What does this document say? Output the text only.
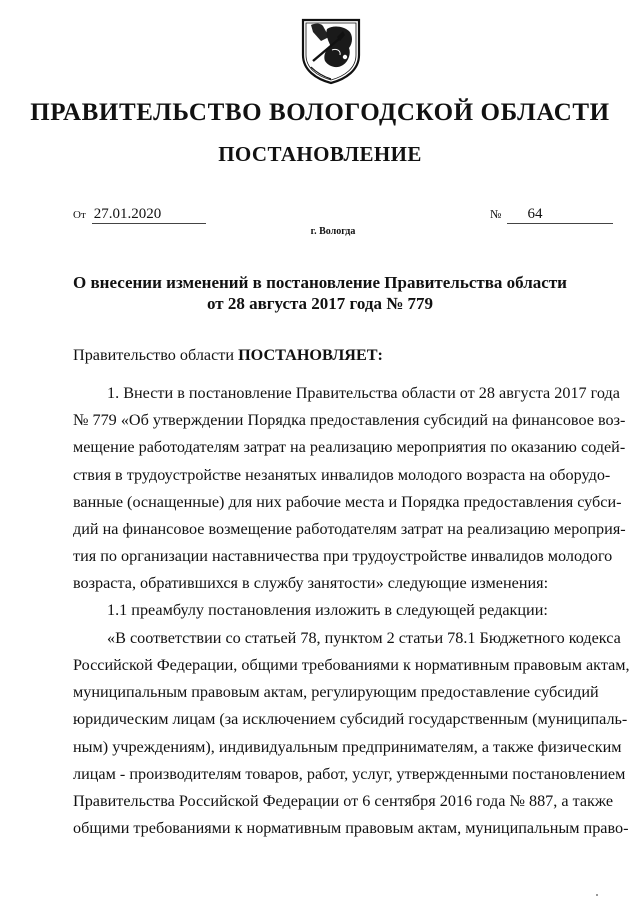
ПРАВИТЕЛЬСТВО ВОЛОГОДСКОЙ ОБЛАСТИ
ПОСТАНОВЛЕНИЕ
От 27.01.2020	№ 64
г. Вологда
О внесении изменений в постановление Правительства области
от 28 августа 2017 года № 779
Правительство области ПОСТАНОВЛЯЕТ:
1. Внести в постановление Правительства области от 28 августа 2017 года
№ 779 «Об утверждении Порядка предоставления субсидий на финансовое воз-
мещение работодателям затрат на реализацию мероприятия по оказанию содей-
ствия в трудоустройстве незанятых инвалидов молодого возраста на оборудо-
ванные (оснащенные) для них рабочие места и Порядка предоставления субси-
дий на финансовое возмещение работодателям затрат на реализацию мероприя-
тия по организации наставничества при трудоустройстве инвалидов молодого
возраста, обратившихся в службу занятости» следующие изменения:
1.1 преамбулу постановления изложить в следующей редакции:
«В соответствии со статьей 78, пунктом 2 статьи 78.1 Бюджетного кодекса
Российской Федерации, общими требованиями к нормативным правовым актам,
муниципальным правовым актам, регулирующим предоставление субсидий
юридическим лицам (за исключением субсидий государственным (муниципаль-
ным) учреждениям), индивидуальным предпринимателям, а также физическим
лицам - производителям товаров, работ, услуг, утвержденными постановлением
Правительства Российской Федерации от 6 сентября 2016 года № 887, а также
общими требованиями к нормативным правовым актам, муниципальным право-
